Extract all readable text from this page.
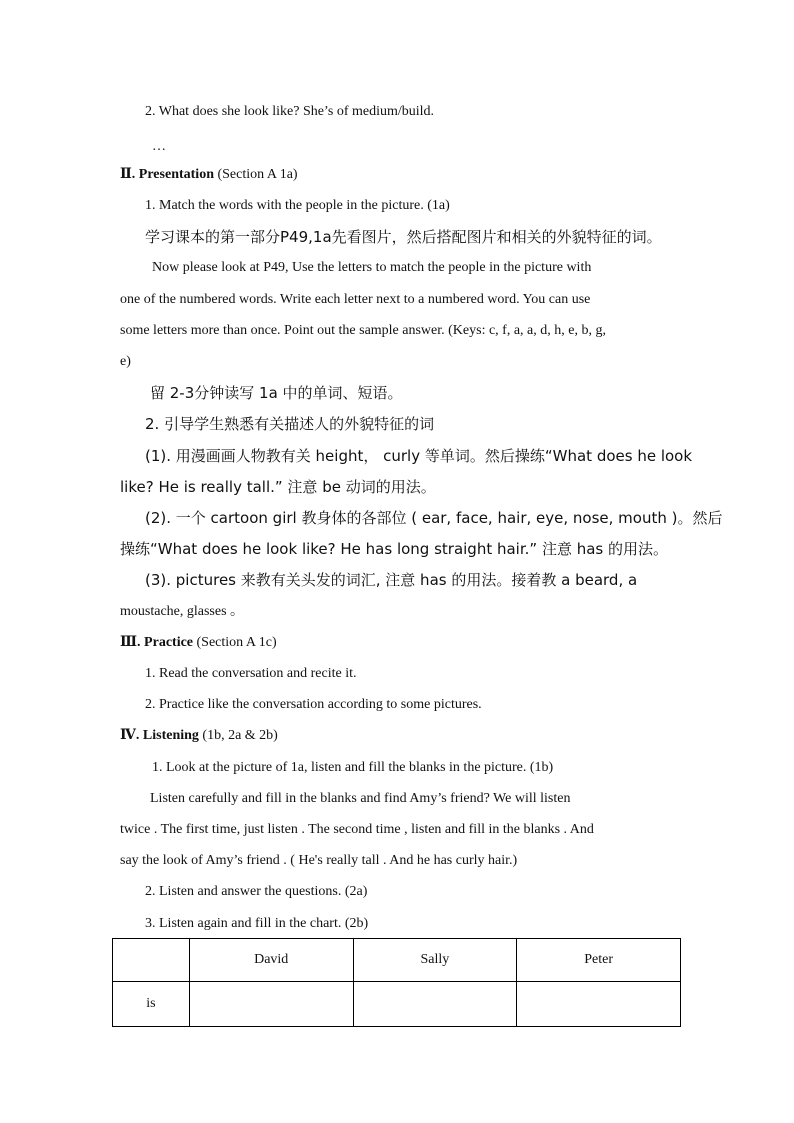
2. What does she look like? She’s of medium/build.
…
Ⅱ. Presentation (Section A 1a)
1. Match the words with the people in the picture. (1a)
学习课本的第一部分P49,1a先看图片，然后搭配图片和相关的外貌特征的词。
Now please look at P49, Use the letters to match the people in the picture with
one of the numbered words. Write each letter next to a numbered word. You can use
some letters more than once. Point out the sample answer. (Keys: c, f, a, a, d, h, e, b, g,
e)
留 2-3分钟读写 1a 中的单词、短语。
2. 引导学生熟悉有关描述人的外貌特征的词
(1). 用漫画画人物教有关 height， curly 等单词。然后操练“What does he look
like? He is really tall.” 注意 be 动词的用法。
(2). 一个 cartoon girl 教身体的各部位 ( ear, face, hair, eye, nose, mouth )。然后
操练“What does he look like? He has long straight hair.” 注意 has 的用法。
(3). pictures 来教有关头发的词汇, 注意 has 的用法。接着教 a beard, a
moustache, glasses 。
Ⅲ. Practice (Section A 1c)
1. Read the conversation and recite it.
2. Practice like the conversation according to some pictures.
Ⅳ. Listening (1b, 2a & 2b)
1. Look at the picture of 1a, listen and fill the blanks in the picture. (1b)
Listen carefully and fill in the blanks and find Amy’s friend? We will listen
twice . The first time, just listen . The second time , listen and fill in the blanks . And
say the look of Amy’s friend . ( He's really tall . And he has curly hair.)
2. Listen and answer the questions. (2a)
3. Listen again and fill in the chart. (2b)
	David	Sally	Peter
is			
